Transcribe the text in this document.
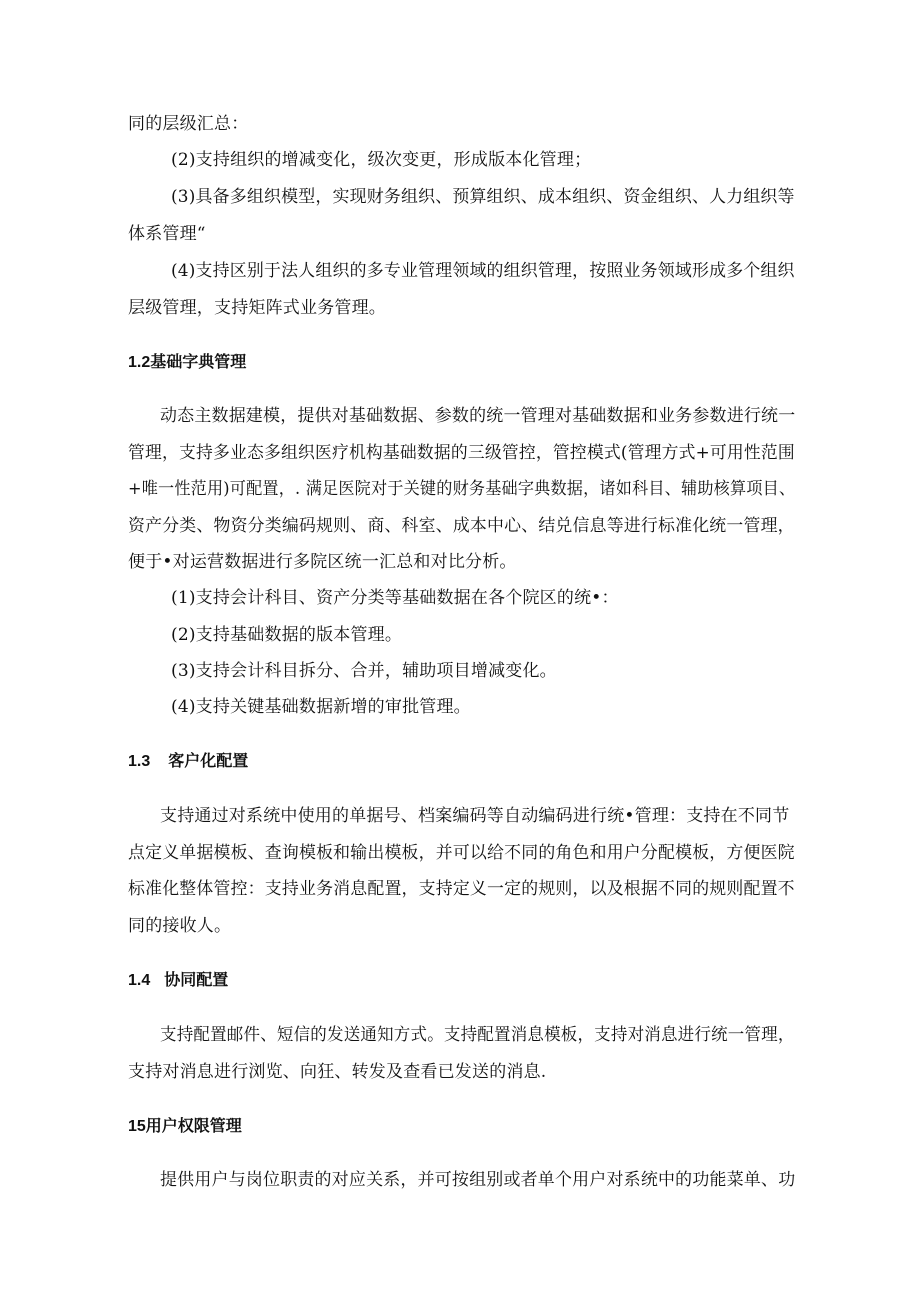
同的层级汇总：

(2)支持组织的增减变化，级次变更，形成版本化管理；

(3)具备多组织模型，实现财务组织、预算组织、成本组织、资金组织、人力组织等

体系管理“

(4)支持区别于法人组织的多专业管理领域的组织管理，按照业务领域形成多个组织

层级管理，支持矩阵式业务管理。

1.2基础字典管理

动态主数据建模，提供对基础数据、参数的统一管理对基础数据和业务参数进行统一

管理，支持多业态多组织医疗机构基础数据的三级管控，管控模式(管理方式+可用性范围

+唯一性范用)可配置，. 满足医院对于关键的财务基础字典数据，诸如科目、辅助核算项目、

资产分类、物资分类编码规则、商、科室、成本中心、结兑信息等进行标准化统一管理，

便于•对运营数据进行多院区统一汇总和对比分析。

(1)支持会计科目、资产分类等基础数据在各个院区的统•：

(2)支持基础数据的版本管理。

(3)支持会计科目拆分、合并，辅助项目增减变化。

(4)支持关键基础数据新增的审批管理。

1.3 客户化配置

支持通过对系统中使用的单据号、档案编码等自动编码进行统•管理：支持在不同节

点定义单据模板、查询模板和输出模板，并可以给不同的角色和用户分配模板，方便医院

标准化整体管控：支持业务消息配置，支持定义一定的规则，以及根据不同的规则配置不

同的接收人。

1.4 协同配置

支持配置邮件、短信的发送通知方式。支持配置消息模板，支持对消息进行统一管理，

支持对消息进行浏览、向狂、转发及查看已发送的消息.

15用户权限管理

提供用户与岗位职责的对应关系，并可按组别或者单个用户对系统中的功能菜单、功
